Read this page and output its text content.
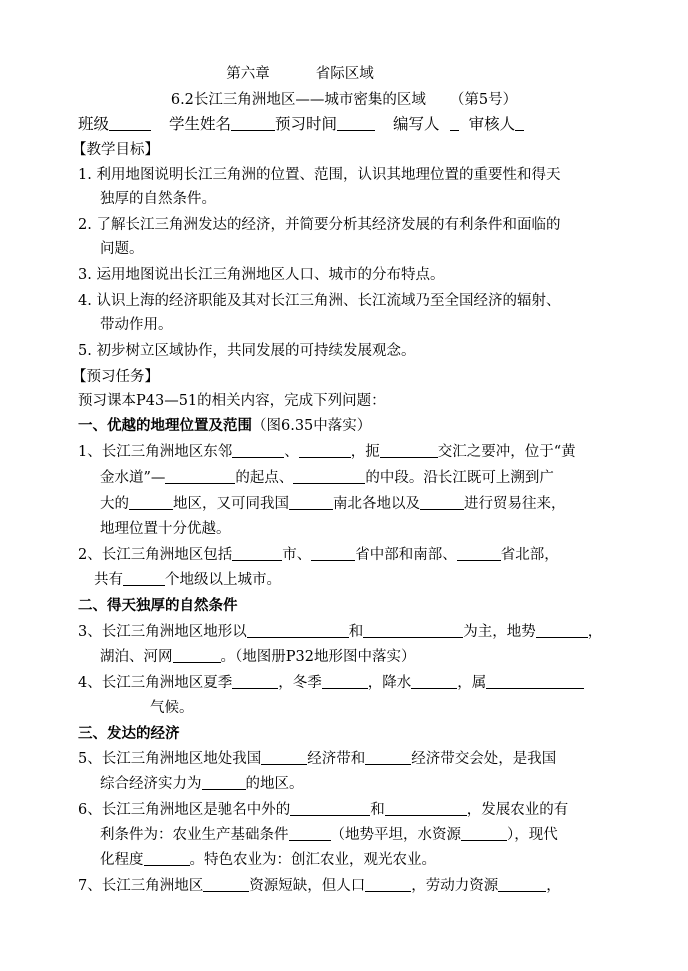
第六章	省际区域
6.2长江三角洲地区——城市密集的区域 （第5号）
班级	学生姓名	预习时间	编写人 审核人
【教学目标】
1. 利用地图说明长江三角洲的位置、范围，认识其地理位置的重要性和得天
独厚的自然条件。
2. 了解长江三角洲发达的经济，并简要分析其经济发展的有利条件和面临的
问题。
3. 运用地图说出长江三角洲地区人口、城市的分布特点。
4. 认识上海的经济职能及其对长江三角洲、长江流域乃至全国经济的辐射、
带动作用。
5. 初步树立区域协作，共同发展的可持续发展观念。
【预习任务】
预习课本P43—51的相关内容，完成下列问题：
一、优越的地理位置及范围（图6.35中落实）
1、长江三角洲地区东邻	、	，扼	交汇之要冲，位于“黄
金水道”—	的起点、	的中段。沿长江既可上溯到广
大的	地区，又可同我国	南北各地以及	进行贸易往来，
地理位置十分优越。
2、长江三角洲地区包括	市、	省中部和南部、	省北部，
共有	个地级以上城市。
二、得天独厚的自然条件
3、长江三角洲地区地形以	和	为主，地势	，
湖泊、河网	。（地图册P32地形图中落实）
4、长江三角洲地区夏季	，冬季	，降水	，属
气候。
三、发达的经济
5、长江三角洲地区地处我国	经济带和	经济带交会处，是我国
综合经济实力为	的地区。
6、长江三角洲地区是驰名中外的	和	，发展农业的有
利条件为：农业生产基础条件	（地势平坦，水资源	），现代
化程度	。特色农业为：创汇农业，观光农业。
7、长江三角洲地区	资源短缺，但人口	，劳动力资源	，
